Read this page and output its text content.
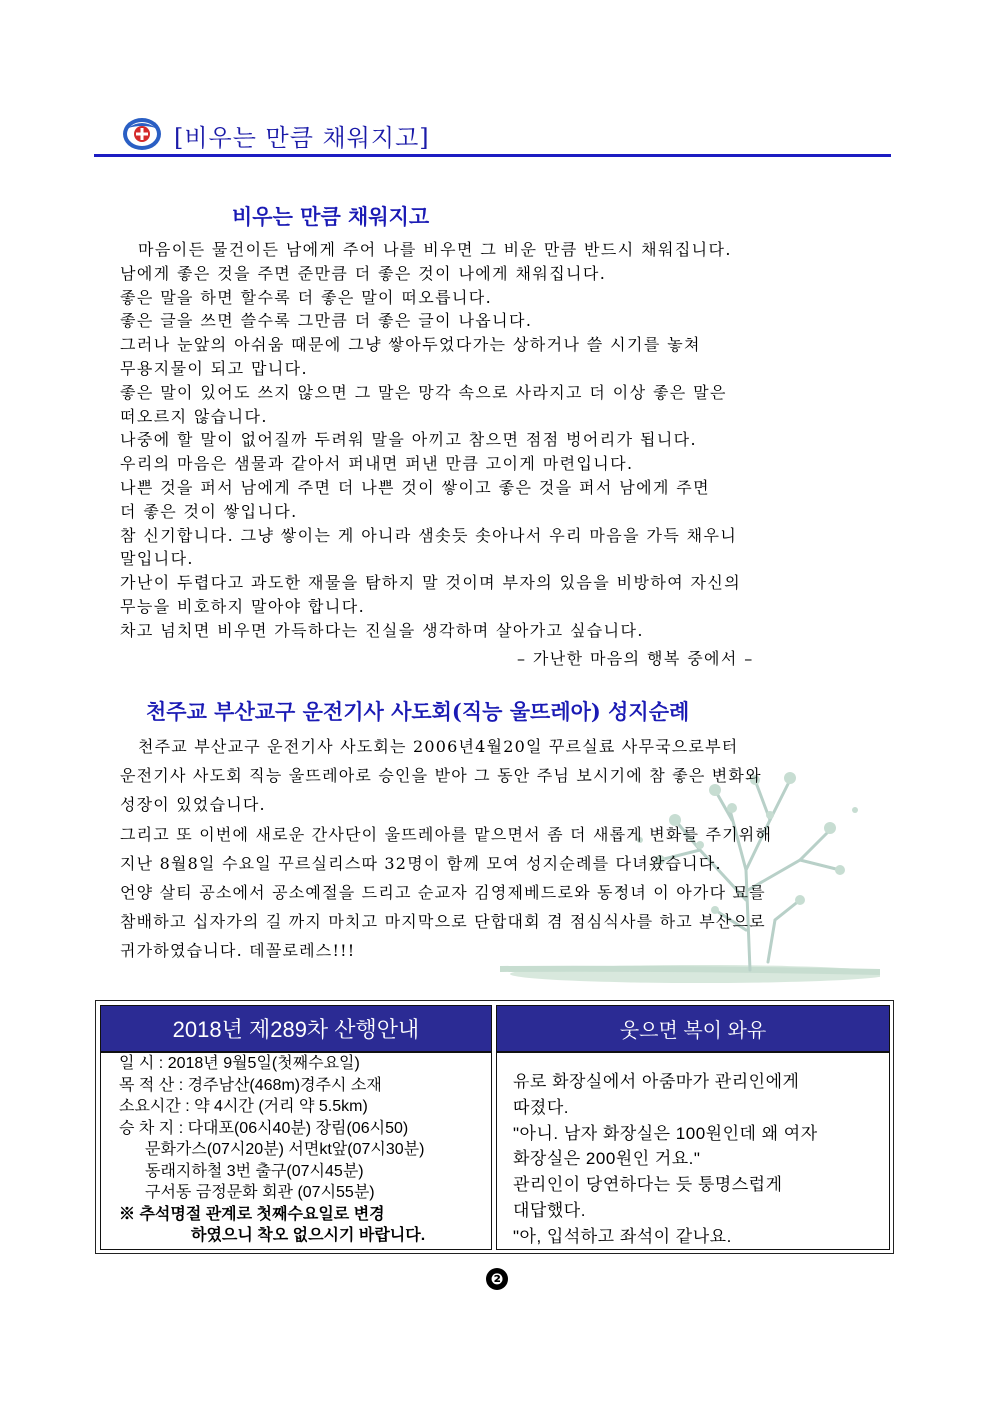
[비우는 만큼 채워지고]
비우는 만큼 채워지고
마음이든 물건이든 남에게 주어 나를 비우면 그 비운 만큼 반드시 채워집니다.
남에게 좋은 것을 주면 준만큼 더 좋은 것이 나에게 채워집니다.
좋은 말을 하면 할수록 더 좋은 말이 떠오릅니다.
좋은 글을 쓰면 쓸수록 그만큼 더 좋은 글이 나옵니다.
그러나 눈앞의 아쉬움 때문에 그냥 쌓아두었다가는 상하거나 쓸 시기를 놓쳐
무용지물이 되고 맙니다.
좋은 말이 있어도 쓰지 않으면 그 말은 망각 속으로 사라지고 더 이상 좋은 말은
떠오르지 않습니다.
나중에 할 말이 없어질까 두려워 말을 아끼고 참으면 점점 벙어리가 됩니다.
우리의 마음은 샘물과 같아서 퍼내면 퍼낸 만큼 고이게 마련입니다.
나쁜 것을 퍼서 남에게 주면 더 나쁜 것이 쌓이고 좋은 것을 퍼서 남에게 주면
더 좋은 것이 쌓입니다.
참 신기합니다. 그냥 쌓이는 게 아니라 샘솟듯 솟아나서 우리 마음을 가득 채우니
말입니다.
가난이 두렵다고 과도한 재물을 탐하지 말 것이며 부자의 있음을 비방하여 자신의
무능을 비호하지 말아야 합니다.
차고 넘치면 비우면 가득하다는 진실을 생각하며 살아가고 싶습니다.
– 가난한 마음의 행복 중에서 –
천주교 부산교구 운전기사 사도회(직능 울뜨레아) 성지순례
천주교 부산교구 운전기사 사도회는 2006년4월20일 꾸르실료 사무국으로부터
운전기사 사도회 직능 울뜨레아로 승인을 받아 그 동안 주님 보시기에 참 좋은 변화와
성장이 있었습니다.
그리고 또 이번에 새로운 간사단이 울뜨레아를 맡으면서 좀 더 새롭게 변화를 주기위해
지난 8월8일 수요일 꾸르실리스따 32명이 함께 모여 성지순례를 다녀왔습니다.
언양 살티 공소에서 공소예절을 드리고 순교자 김영제베드로와 동정녀 이 아가다 묘를
참배하고 십자가의 길 까지 마치고 마지막으로 단합대회 겸 점심식사를 하고 부산으로
귀가하였습니다. 데꼴로레스!!!
2018년 제289차 산행안내	웃으면 복이 와유
일 시 : 2018년 9월5일(첫째수요일)
목 적 산 : 경주남산(468m)경주시 소재
소요시간 : 약 4시간 (거리 약 5.5km)
승 차 지 : 다대포(06시40분) 장림(06시50)
문화가스(07시20분) 서면kt앞(07시30분)
동래지하철 3번 출구(07시45분)
구서동 금정문화 회관 (07시55분)
※ 추석명절 관계로 첫째수요일로 변경
하였으니 착오 없으시기 바랍니다.
유로 화장실에서 아줌마가 관리인에게
따졌다.
"아니. 남자 화장실은 100원인데 왜 여자
화장실은 200원인 거요."
관리인이 당연하다는 듯 퉁명스럽게
대답했다.
"아, 입석하고 좌석이 같나요.
❷
